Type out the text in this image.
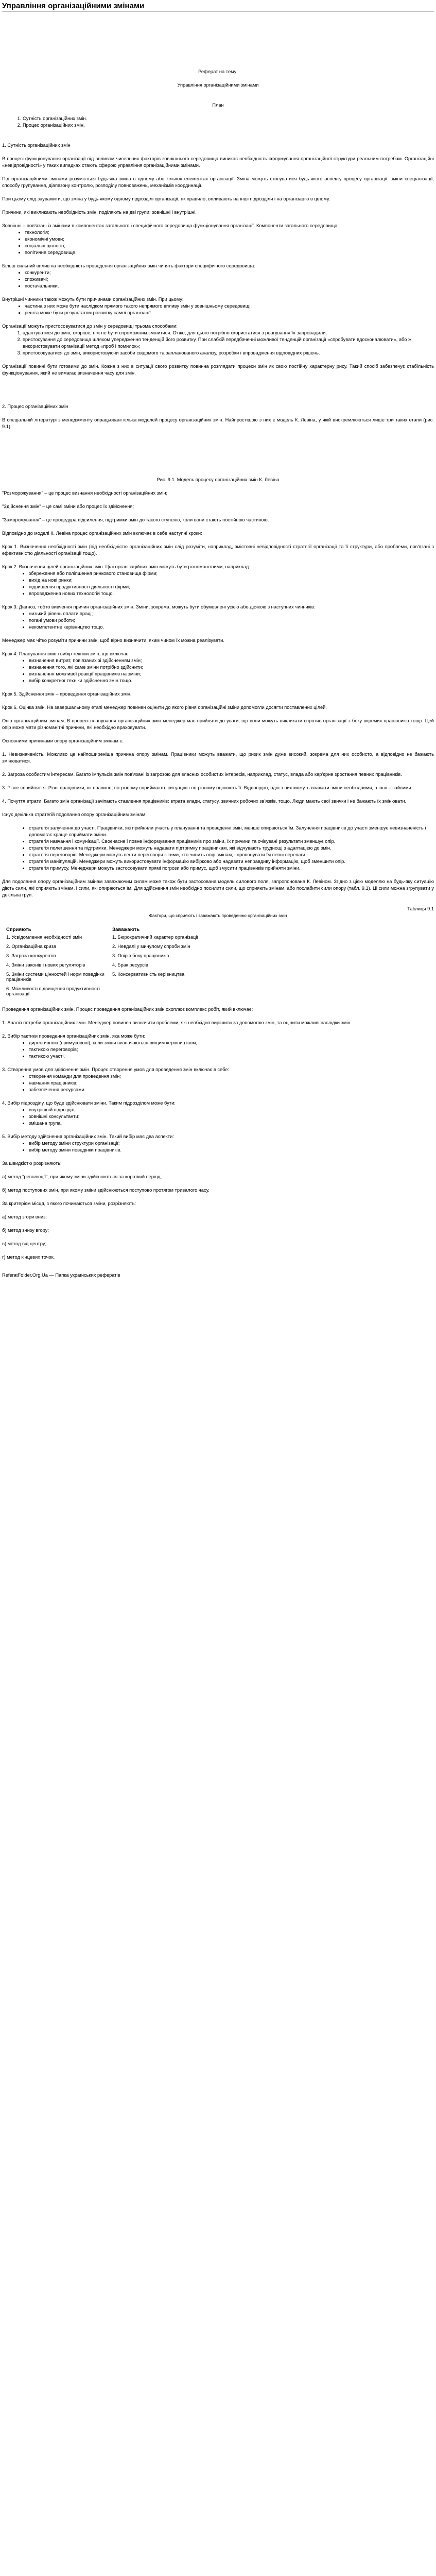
Управління організаційними змінами

Реферат на тему:

Управління організаційними змінами

План

1. Сутність організаційних змін.
2. Процес організаційних змін.

1. Сутність організаційних змін

В процесі функціонування організації під впливом чисельних факторів зовнішнього середовища виникає необхідність сформування організаційної структури реальним потребам. Організаційні «невідповідності» у таких випадках стають сферою управління організаційними змінами.

Під організаційними змінами розуміється будь-яка зміна в одному або кількох елементах організації. Зміна можуть стосуватися будь-якого аспекту процесу організації: зміни спеціалізації, способу групування, діапазону контролю, розподілу повноважень, механізмів координації.

При цьому слід зауважити, що зміна у будь-якому одному підрозділі організації, як правило, впливають на інші підрозділи і на організацію в цілому.

Причини, які викликають необхідність змін, поділяють на дві групи: зовнішні і внутрішні.

Зовнішні – пов'язані із змінами в компонентах загального і специфічного середовища функціонування організації. Компоненти загального середовища:

• технологія;
• економічні умови;
• соціальні цінності;
• політичне середовище.

Більш сильний вплив на необхідність проведення організаційних змін чинять фактори специфічного середовища:

• конкуренти;
• споживачі;
• постачальники.

Внутрішні чинники також можуть бути причинами організаційних змін. При цьому:

• частина з них може бути наслідком прямого такого непрямого впливу змін у зовнішньому середовищі;
• решта може бути результатом розвитку самої організації.

Організації можуть пристосовуватися до змін у середовищі трьома способами:

1. адаптуватися до змін, скоріше, ніж не бути спроможним змінитися. Отже, для цього потрібно скористатися з реагування їх запровадили;
2. пристосування до середовища шляхом упередження тенденцій його розвитку. При слабкій передбаченні можливої тенденцій організації «спробувати вдосконалювати», або ж використовувати організації метод «проб і помилок»;
3. пристосовуватися до змін, використовуючи засоби свідомого та запланованого аналізу, розробки і впровадження відповідних рішень.

Організації повинні бути готовими до змін. Кожна з них в ситуації свого розвитку повинна розглядати процеси змін як свою постійну характерну рису. Такий спосіб забезпечує стабільність функціонування, який не вимагає визначення часу для змін.

2. Процес організаційних змін

В спеціальній літературі з менеджменту опрацьовані кілька моделей процесу організаційних змін. Найпростішою з них є модель К. Левіна, у якій виокремлюються лише три таких етапи (рис. 9.1):

Рис. 9.1. Модель процесу організаційних змін К. Левіна

"Розморожування" – це процес визнання необхідності організаційних змін;

"Здійснення змін" – це самі зміни або процес їх здійснення;

"Заморожування" – це процедура підсилення, підтримки змін до такого ступеню, коли вони стають постійною частиною.

Відповідно до моделі К. Левіна процес організаційних змін включає в себе наступні кроки:

Крок 1. Визначення необхідності змін (під необхідністю організаційних змін слід розуміти, наприклад, змістовні невідповідності стратегії організації та її структури, або проблеми, пов'язані з ефективністю діяльності організації тощо).

Крок 2. Визначення цілей організаційних змін. Цілі організаційних змін можуть бути різноманітними, наприклад:

• збереження або поліпшення ринкового становища фірми;
• вихід на нові ринки;
• підвищення продуктивності діяльності фірми;
• впровадження нових технологій тощо.

Крок 3. Діагноз, тобто вивчення причин організаційних змін. Зміни, зокрема, можуть бути обумовлені усією або деякою з наступних чинників:

• низький рівень оплати праці;
• погані умови роботи;
• некомпетентне керівництво тощо.

Менеджер має чітко розуміти причини змін, щоб вірно визначити, яким чином їх можна реалізувати.

Крок 4. Планування змін і вибір техніки змін, що включає:

• визначення витрат, пов'язаних зі здійсненням змін;
• визначення того, які саме зміни потрібно здійснити;
• визначення можливої реакції працівників на зміни;
• вибір конкретної техніки здійснення змін тощо.

Крок 5. Здійснення змін – проведення організаційних змін.

Крок 6. Оцінка змін. На завершальному етапі менеджер повинен оцінити до якого рівня організаційні зміни допомогли досягти поставлених цілей.

Опір організаційним змінам. В процесі планування організаційних змін менеджер має прийняти до уваги, що вони можуть викликати спротив організації з боку окремих працівників тощо. Цей опір може мати різноманітні причини, які необхідно враховувати.

Основними причинами опору організаційним змінам є:

1. Невизначеність. Можливо це найпоширеніша причина опору змінам. Працівники можуть вважати, що ризик змін дуже високий, зокрема для них особисто, а відповідно не бажають змінюватися.

2. Загроза особистим інтересам. Багато імпульсів змін пов'язані із загрозою для власних особистих інтересів, наприклад, статус, влада або кар'єрне зростання певних працівників.

3. Різне сприйняття. Різні працівники, як правило, по-різному сприймають ситуацію і по-різному оцінюють її. Відповідно, одні з них можуть вважати зміни необхідними, а інші – зайвими.

4. Почуття втрати. Багато змін організації зачіпають ставлення працівників: втрата влади, статусу, звичних робочих зв'язків, тощо. Люди мають свої звички і не бажають їх змінювати.

Існує декілька стратегій подолання опору організаційним змінам:

• стратегія залучення до участі. Працівники, які прийняли участь у плануванні та проведенні змін, менше опираються їм. Залучення працівників до участі зменшує невизначеність і допомагає краще сприймати зміни.
• стратегія навчання і комунікації. Своєчасне і повне інформування працівників про зміни, їх причини та очікувані результати зменшує опір.
• стратегія полегшення та підтримки. Менеджери можуть надавати підтримку працівникам, які відчувають труднощі з адаптацією до змін.
• стратегія переговорів. Менеджери можуть вести переговори з тими, хто чинить опір змінам, і пропонувати їм певні переваги.
• стратегія маніпуляцій. Менеджери можуть використовувати інформацію вибірково або надавати неправдиву інформацію, щоб зменшити опір.
• стратегія примусу. Менеджери можуть застосовувати прямі погрози або примус, щоб змусити працівників прийняти зміни.

Для подолання опору організаційним змінам заважаючим силам може також бути застосована модель силового поля, запропонована К. Левіном. Згідно з цією моделлю на будь-яку ситуацію діють сили, які сприяють змінам, і сили, які опираються їм. Для здійснення змін необхідно посилити сили, що сприяють змінам, або послабити сили опору (табл. 9.1). Ці сили можна згрупувати у декілька груп.

Таблиця 9.1

Фактори, що сприяють і заважають проведенню організаційних змін

Сприяють	Заважають
1. Усвідомлення необхідності змін	1. Бюрократичний характер організації
2. Організаційна криза	2. Невдалі у минулому спроби змін
3. Загроза конкурентів	3. Опір з боку працівників
4. Зміни законів і нових регуляторів	4. Брак ресурсів
5. Зміни системи цінностей і норм поведінки працівників	5. Консервативність керівництва
6. Можливості підвищення продуктивності організації	

Проведення організаційних змін. Процес проведення організаційних змін охоплює комплекс робіт, який включає:

1. Аналіз потреби організаційних змін. Менеджер повинен визначити проблеми, які необхідно вирішити за допомогою змін, та оцінити можливі наслідки змін.

2. Вибір тактики проведення організаційних змін, яка може бути:

• директивною (примусовою), коли зміни визначаються вищим керівництвом;
• тактикою переговорів;
• тактикою участі.

3. Створення умов для здійснення змін. Процес створення умов для проведення змін включає в себе:

• створення команди для проведення змін;
• навчання працівників;
• забезпечення ресурсами.

4. Вибір підрозділу, що буде здійснювати зміни. Таким підрозділом може бути:

• внутрішній підрозділ;
• зовнішні консультанти;
• змішана група.

5. Вибір методу здійснення організаційних змін. Такий вибір має два аспекти:

• вибір методу зміни структури організації;
• вибір методу зміни поведінки працівників.

За швидкістю розрізняють:

а) метод "революції", при якому зміни здійснюються за короткий період;

б) метод поступових змін, при якому зміни здійснюються поступово протягом тривалого часу.

За критерієм місця, з якого починаються зміни, розрізняють:

а) метод згори вниз;

б) метод знизу вгору;

в) метод від центру;

г) метод кінцевих точок.

ReferatFolder.Org.Ua — Папка українських рефератів
